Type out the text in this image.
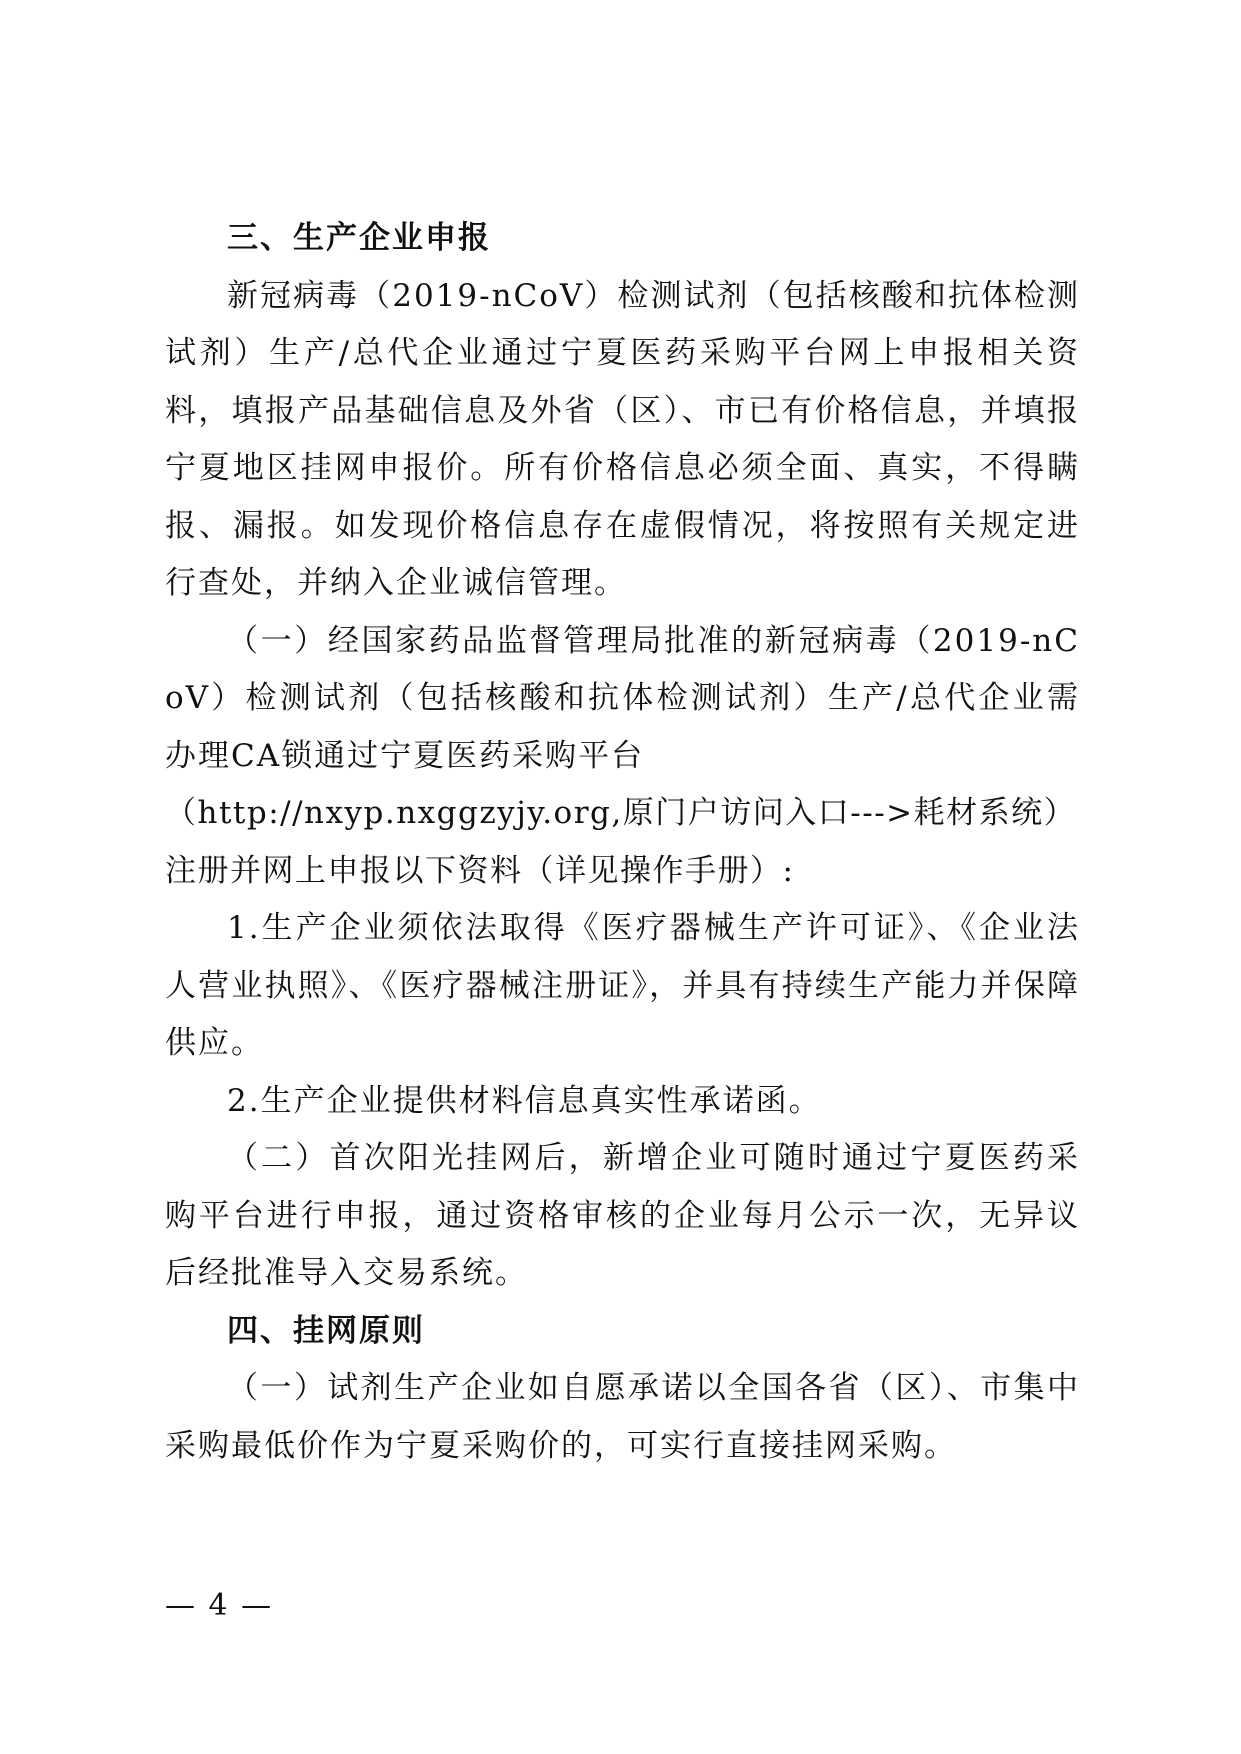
三、生产企业申报

新冠病毒（2019-nCoV）检测试剂（包括核酸和抗体检测试剂）生产/总代企业通过宁夏医药采购平台网上申报相关资料，填报产品基础信息及外省（区）、市已有价格信息，并填报宁夏地区挂网申报价。所有价格信息必须全面、真实，不得瞒报、漏报。如发现价格信息存在虚假情况，将按照有关规定进行查处，并纳入企业诚信管理。

（一）经国家药品监督管理局批准的新冠病毒（2019-nCoV）检测试剂（包括核酸和抗体检测试剂）生产/总代企业需办理CA锁通过宁夏医药采购平台

（http://nxyp.nxggzyjy.org,原门户访问入口--->耗材系统）

注册并网上申报以下资料（详见操作手册）:

1.生产企业须依法取得《医疗器械生产许可证》、《企业法人营业执照》、《医疗器械注册证》，并具有持续生产能力并保障供应。

2.生产企业提供材料信息真实性承诺函。

（二）首次阳光挂网后，新增企业可随时通过宁夏医药采购平台进行申报，通过资格审核的企业每月公示一次，无异议后经批准导入交易系统。

四、挂网原则

（一）试剂生产企业如自愿承诺以全国各省（区）、市集中采购最低价作为宁夏采购价的，可实行直接挂网采购。

— 4 —
